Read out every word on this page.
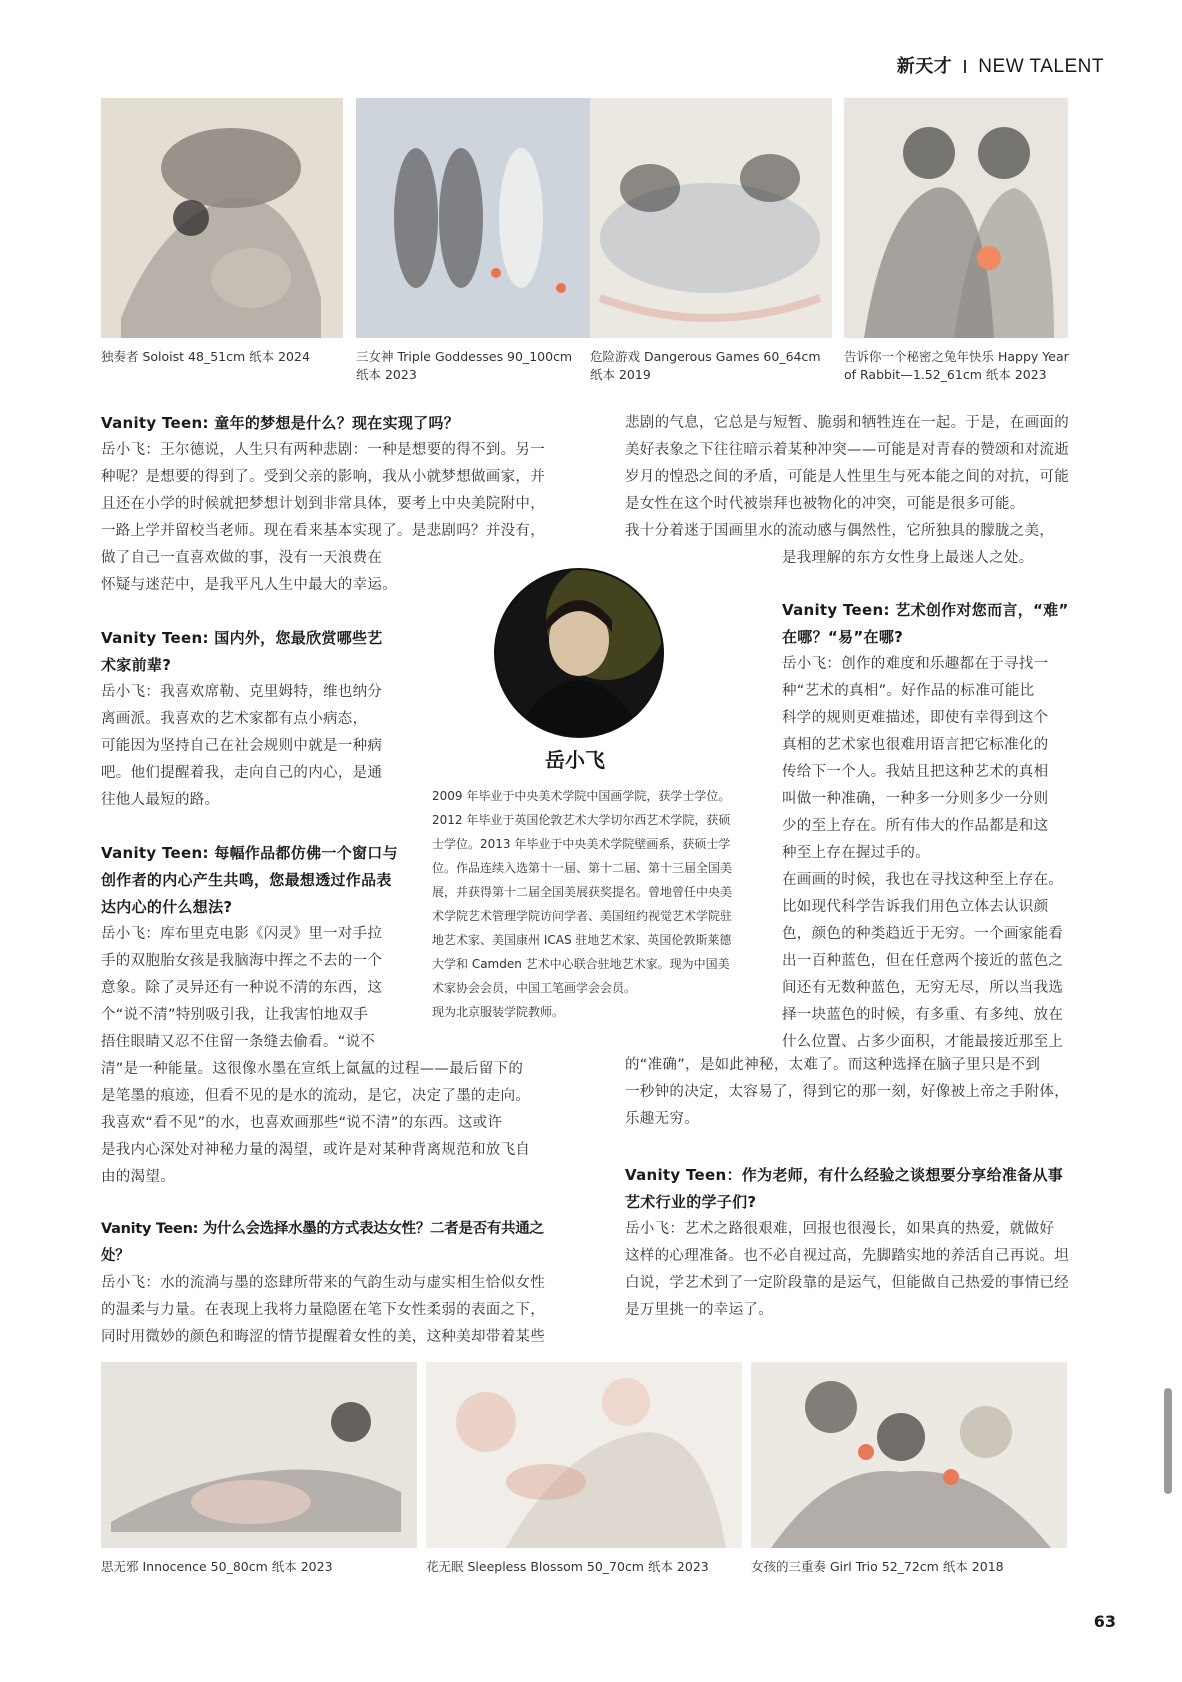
新天才 NEW TALENT
独奏者 Soloist 48_51cm 纸本 2024	三女神 Triple Goddesses 90_100cm
纸本 2023
危险游戏 Dangerous Games 60_64cm
纸本 2019
告诉你一个秘密之兔年快乐 Happy Year
of Rabbit—1.52_61cm 纸本 2023

Vanity Teen: 童年的梦想是什么？现在实现了吗？

岳小飞：王尔德说，人生只有两种悲剧：一种是想要的得不到。另一

种呢？是想要的得到了。受到父亲的影响，我从小就梦想做画家，并

且还在小学的时候就把梦想计划到非常具体，要考上中央美院附中，

一路上学并留校当老师。现在看来基本实现了。是悲剧吗？并没有，

做了自己一直喜欢做的事，没有一天浪费在

怀疑与迷茫中，是我平凡人生中最大的幸运。

Vanity Teen: 国内外，您最欣赏哪些艺

术家前辈?

岳小飞：我喜欢席勒、克里姆特，维也纳分

离画派。我喜欢的艺术家都有点小病态，

可能因为坚持自己在社会规则中就是一种病

吧。他们提醒着我，走向自己的内心，是通

往他人最短的路。

Vanity Teen: 每幅作品都仿佛一个窗口与

创作者的内心产生共鸣，您最想透过作品表

达内心的什么想法?

岳小飞：库布里克电影《闪灵》里一对手拉

手的双胞胎女孩是我脑海中挥之不去的一个

意象。除了灵异还有一种说不清的东西，这

个“说不清”特别吸引我，让我害怕地双手

捂住眼睛又忍不住留一条缝去偷看。“说不

清”是一种能量。这很像水墨在宣纸上氤氲的过程——最后留下的

是笔墨的痕迹，但看不见的是水的流动，是它，决定了墨的走向。

我喜欢“看不见”的水，也喜欢画那些“说不清”的东西。这或许

是我内心深处对神秘力量的渴望，或许是对某种背离规范和放飞自

由的渴望。

Vanity Teen: 为什么会选择水墨的方式表达女性？二者是否有共通之处？

岳小飞：水的流淌与墨的恣肆所带来的气韵生动与虚实相生恰似女性

的温柔与力量。在表现上我将力量隐匿在笔下女性柔弱的表面之下，

同时用微妙的颜色和晦涩的情节提醒着女性的美，这种美却带着某些

岳小飞
2009 年毕业于中央美术学院中国画学院，获学士学位。2012 年毕业于英国伦敦艺术大学切尔西艺术学院，获硕士学位。2013 年毕业于中央美术学院壁画系，获硕士学位。作品连续入选第十一届、第十二届、第十三届全国美展，并获得第十二届全国美展获奖提名。曾地曾任中央美术学院艺术管理学院访问学者、美国纽约视觉艺术学院驻地艺术家、美国康州 ICAS 驻地艺术家、英国伦敦斯莱德大学和 Camden 艺术中心联合驻地艺术家。现为中国美术家协会会员，中国工笔画学会会员。
现为北京服装学院教师。

悲剧的气息，它总是与短暂、脆弱和牺牲连在一起。于是，在画面的

美好表象之下往往暗示着某种冲突——可能是对青春的赞颂和对流逝

岁月的惶恐之间的矛盾，可能是人性里生与死本能之间的对抗，可能

是女性在这个时代被崇拜也被物化的冲突，可能是很多可能。

我十分着迷于国画里水的流动感与偶然性，它所独具的朦胧之美，

是我理解的东方女性身上最迷人之处。

Vanity Teen: 艺术创作对您而言，“难”

在哪？“易”在哪?

岳小飞：创作的难度和乐趣都在于寻找一

种“艺术的真相”。好作品的标准可能比

科学的规则更难描述，即使有幸得到这个

真相的艺术家也很难用语言把它标准化的

传给下一个人。我姑且把这种艺术的真相

叫做一种准确，一种多一分则多少一分则

少的至上存在。所有伟大的作品都是和这

种至上存在握过手的。

在画画的时候，我也在寻找这种至上存在。

比如现代科学告诉我们用色立体去认识颜

色，颜色的种类趋近于无穷。一个画家能看

出一百种蓝色，但在任意两个接近的蓝色之

间还有无数种蓝色，无穷无尽，所以当我选

择一块蓝色的时候，有多重、有多纯、放在

什么位置、占多少面积，才能最接近那至上

的“准确”，是如此神秘，太难了。而这种选择在脑子里只是不到

一秒钟的决定，太容易了，得到它的那一刻，好像被上帝之手附体，

乐趣无穷。

Vanity Teen：作为老师，有什么经验之谈想要分享给准备从事

艺术行业的学子们?

岳小飞：艺术之路很艰难，回报也很漫长，如果真的热爱，就做好

这样的心理准备。也不必自视过高，先脚踏实地的养活自己再说。坦

白说，学艺术到了一定阶段靠的是运气，但能做自己热爱的事情已经

是万里挑一的幸运了。

思无邪 Innocence 50_80cm 纸本 2023	花无眠 Sleepless Blossom 50_70cm 纸本 2023	女孩的三重奏 Girl Trio 52_72cm 纸本 2018
63
